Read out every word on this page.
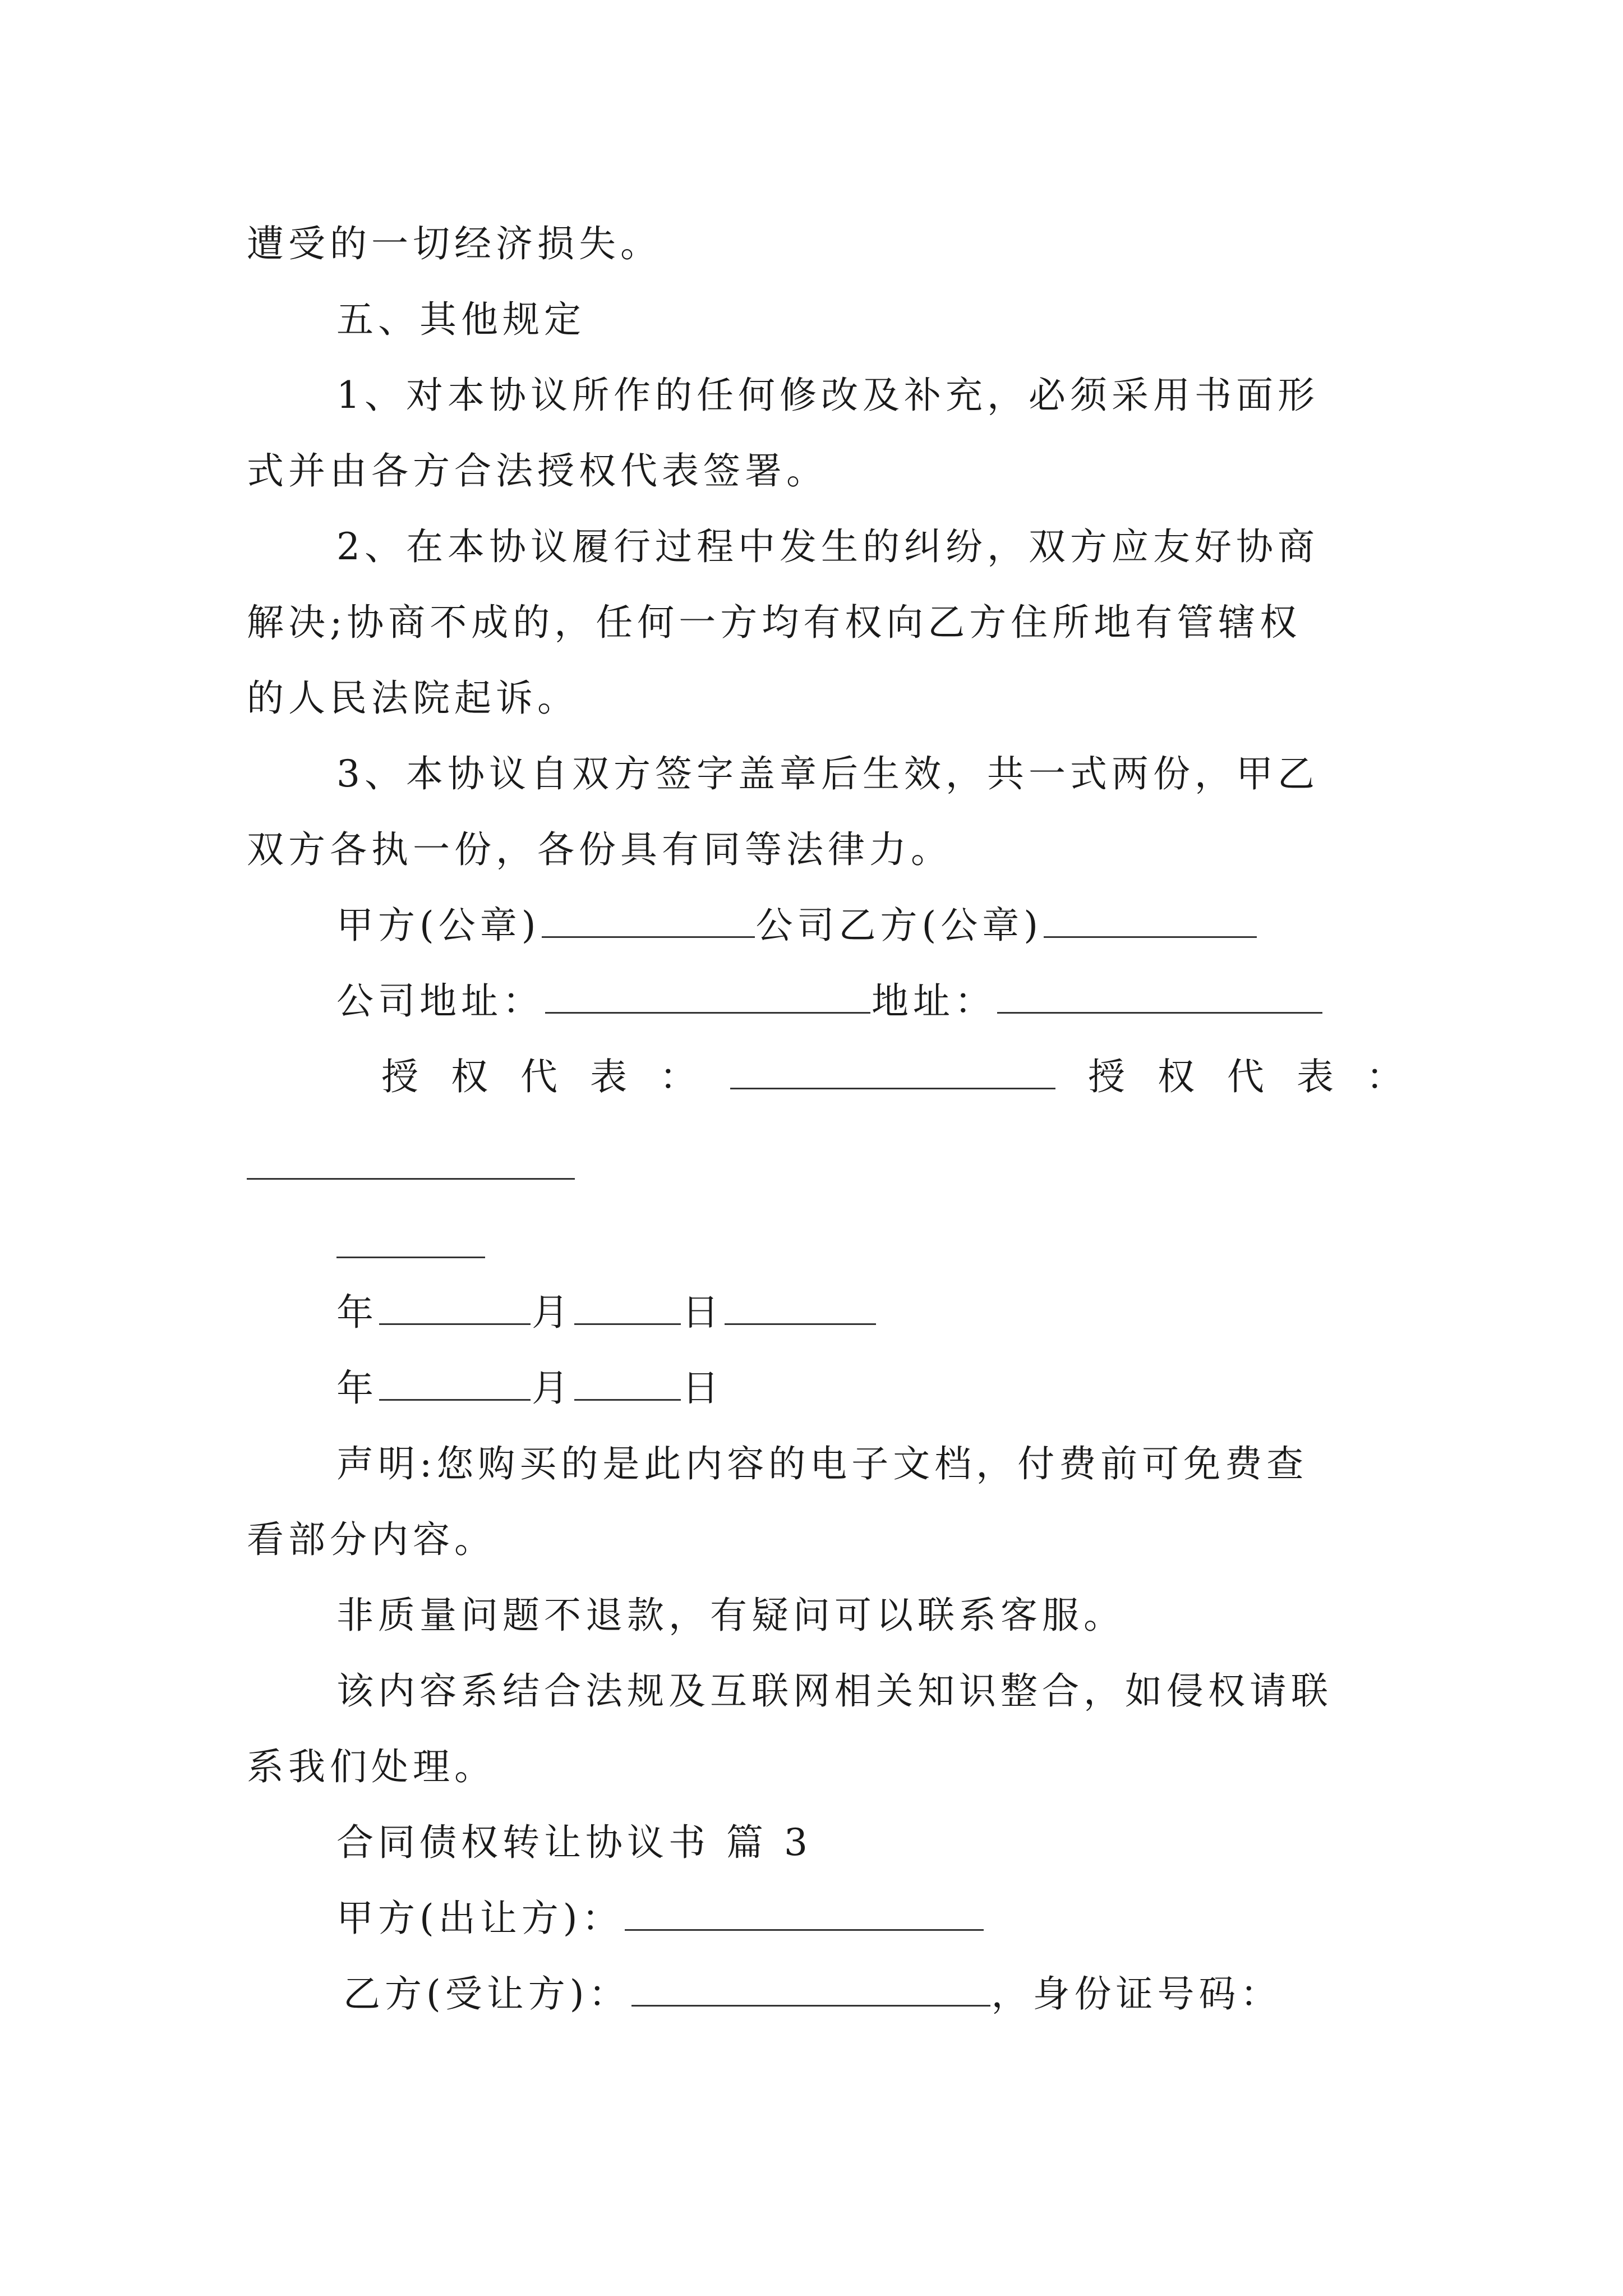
遭受的一切经济损失。
五、其他规定
1、对本协议所作的任何修改及补充，必须采用书面形
式并由各方合法授权代表签署。
2、在本协议履行过程中发生的纠纷，双方应友好协商
解决;协商不成的，任何一方均有权向乙方住所地有管辖权
的人民法院起诉。
3、本协议自双方签字盖章后生效，共一式两份，甲乙
双方各执一份，各份具有同等法律力。
甲方(公章)	公司乙方(公章)
公司地址：	地址：
授 权 代 表 ：	授 权 代 表 ：
年	月	日
年	月	日
声明:您购买的是此内容的电子文档，付费前可免费查
看部分内容。
非质量问题不退款，有疑问可以联系客服。
该内容系结合法规及互联网相关知识整合，如侵权请联
系我们处理。
合同债权转让协议书 篇 3
甲方(出让方)：
乙方(受让方)：	，身份证号码：
